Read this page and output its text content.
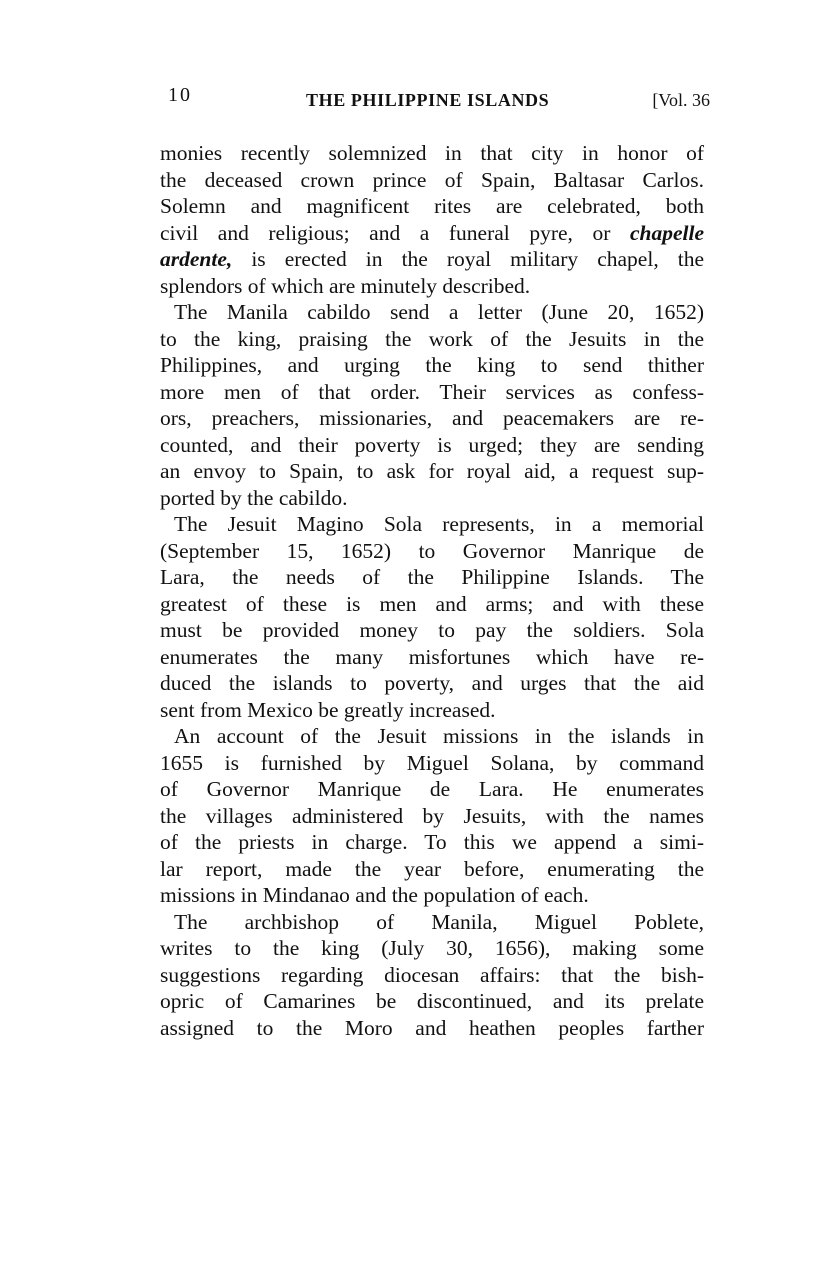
10	THE PHILIPPINE ISLANDS	[Vol. 36
monies recently solemnized in that city in honor of
the deceased crown prince of Spain, Baltasar Carlos.
Solemn and magnificent rites are celebrated, both
civil and religious; and a funeral pyre, or chapelle
ardente, is erected in the royal military chapel, the
splendors of which are minutely described.
The Manila cabildo send a letter (June 20, 1652)
to the king, praising the work of the Jesuits in the
Philippines, and urging the king to send thither
more men of that order. Their services as confess-
ors, preachers, missionaries, and peacemakers are re-
counted, and their poverty is urged; they are sending
an envoy to Spain, to ask for royal aid, a request sup-
ported by the cabildo.
The Jesuit Magino Sola represents, in a memorial
(September 15, 1652) to Governor Manrique de
Lara, the needs of the Philippine Islands. The
greatest of these is men and arms; and with these
must be provided money to pay the soldiers. Sola
enumerates the many misfortunes which have re-
duced the islands to poverty, and urges that the aid
sent from Mexico be greatly increased.
An account of the Jesuit missions in the islands in
1655 is furnished by Miguel Solana, by command
of Governor Manrique de Lara. He enumerates
the villages administered by Jesuits, with the names
of the priests in charge. To this we append a simi-
lar report, made the year before, enumerating the
missions in Mindanao and the population of each.
The archbishop of Manila, Miguel Poblete,
writes to the king (July 30, 1656), making some
suggestions regarding diocesan affairs: that the bish-
opric of Camarines be discontinued, and its prelate
assigned to the Moro and heathen peoples farther
